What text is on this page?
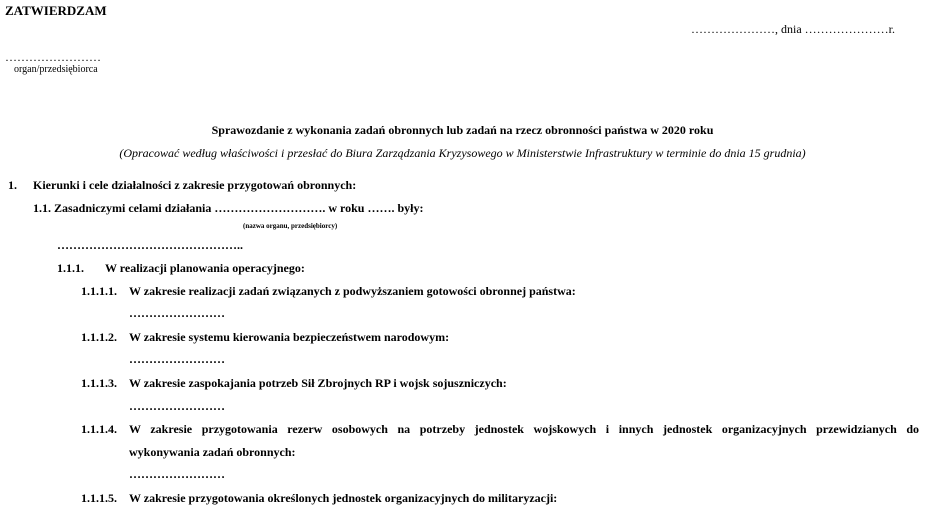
ZATWIERDZAM
…………………, dnia …………………r.
……………………
organ/przedsiębiorca
Sprawozdanie z wykonania zadań obronnych lub zadań na rzecz obronności państwa w 2020 roku
(Opracować według właściwości i przesłać do Biura Zarządzania Kryzysowego w Ministerstwie Infrastruktury w terminie do dnia 15 grudnia)
1. Kierunki i cele działalności z zakresie przygotowań obronnych:
1.1. Zasadniczymi celami działania ………………………. w roku ……. były:
(nazwa organu, przedsiębiorcy)
………………………………………..
1.1.1. W realizacji planowania operacyjnego:
1.1.1.1. W zakresie realizacji zadań związanych z podwyższaniem gotowości obronnej państwa:
……………………
1.1.1.2. W zakresie systemu kierowania bezpieczeństwem narodowym:
……………………
1.1.1.3. W zakresie zaspokajania potrzeb Sił Zbrojnych RP i wojsk sojuszniczych:
……………………
1.1.1.4. W zakresie przygotowania rezerw osobowych na potrzeby jednostek wojskowych i innych jednostek organizacyjnych przewidzianych do
wykonywania zadań obronnych:
……………………
1.1.1.5. W zakresie przygotowania określonych jednostek organizacyjnych do militaryzacji:
